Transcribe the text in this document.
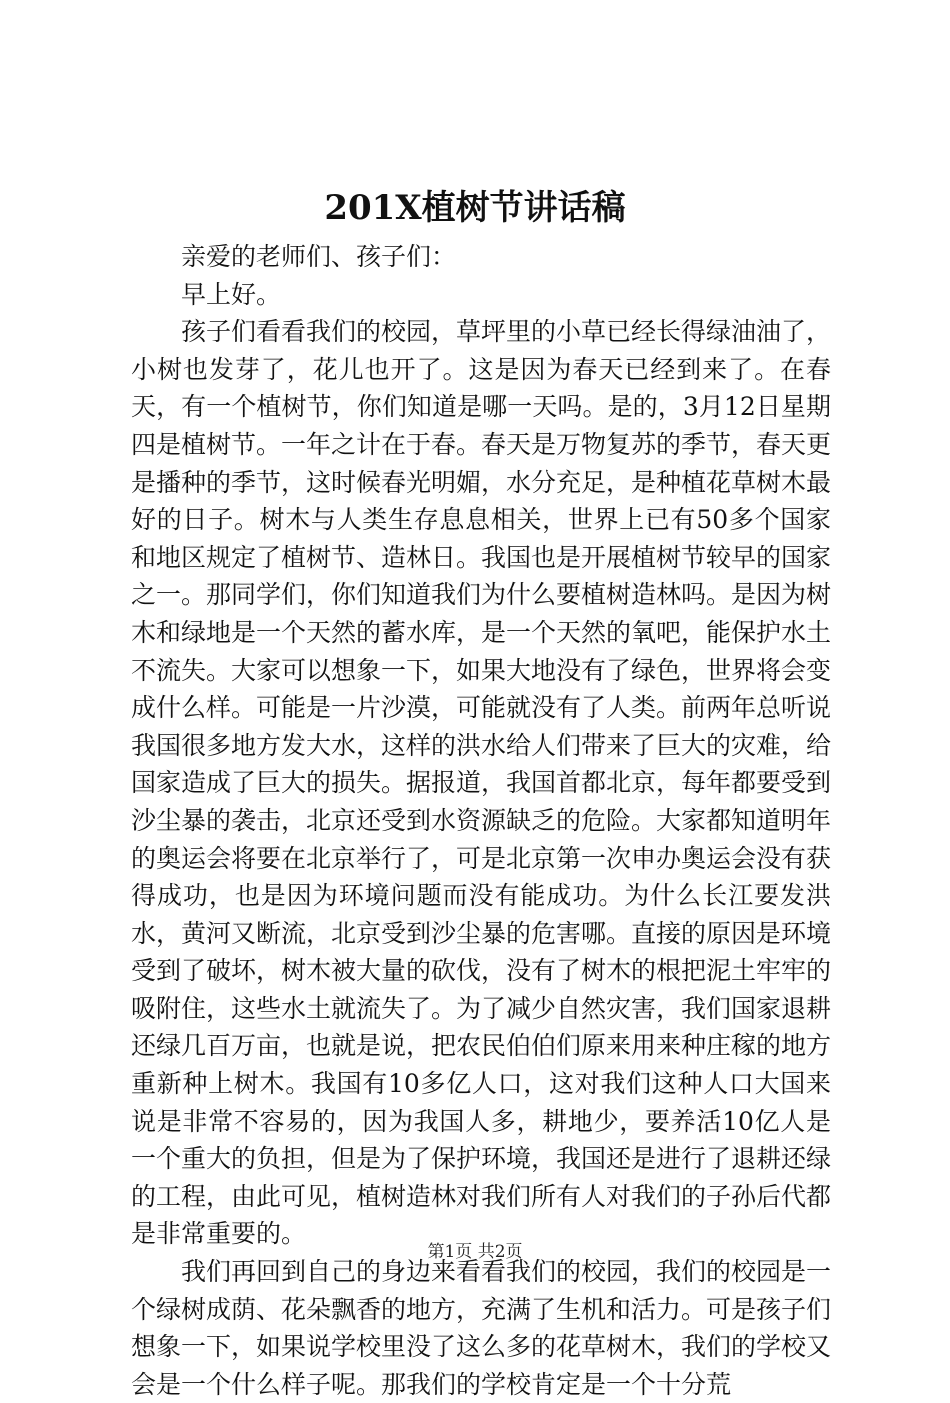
201X植树节讲话稿

亲爱的老师们、孩子们：

早上好。

孩子们看看我们的校园，草坪里的小草已经长得绿油油了，小树也发芽了，花儿也开了。这是因为春天已经到来了。在春天，有一个植树节，你们知道是哪一天吗。是的，3月12日星期四是植树节。一年之计在于春。春天是万物复苏的季节，春天更是播种的季节，这时候春光明媚，水分充足，是种植花草树木最好的日子。树木与人类生存息息相关，世界上已有50多个国家和地区规定了植树节、造林日。我国也是开展植树节较早的国家之一。那同学们，你们知道我们为什么要植树造林吗。是因为树木和绿地是一个天然的蓄水库，是一个天然的氧吧，能保护水土不流失。大家可以想象一下，如果大地没有了绿色，世界将会变成什么样。可能是一片沙漠，可能就没有了人类。前两年总听说我国很多地方发大水，这样的洪水给人们带来了巨大的灾难，给国家造成了巨大的损失。据报道，我国首都北京，每年都要受到沙尘暴的袭击，北京还受到水资源缺乏的危险。大家都知道明年的奥运会将要在北京举行了，可是北京第一次申办奥运会没有获得成功，也是因为环境问题而没有能成功。为什么长江要发洪水，黄河又断流，北京受到沙尘暴的危害哪。直接的原因是环境受到了破坏，树木被大量的砍伐，没有了树木的根把泥土牢牢的吸附住，这些水土就流失了。为了减少自然灾害，我们国家退耕还绿几百万亩，也就是说，把农民伯伯们原来用来种庄稼的地方重新种上树木。我国有10多亿人口，这对我们这种人口大国来说是非常不容易的，因为我国人多，耕地少，要养活10亿人是一个重大的负担，但是为了保护环境，我国还是进行了退耕还绿的工程，由此可见，植树造林对我们所有人对我们的子孙后代都是非常重要的。

我们再回到自己的身边来看看我们的校园，我们的校园是一个绿树成荫、花朵飘香的地方，充满了生机和活力。可是孩子们想象一下，如果说学校里没了这么多的花草树木，我们的学校又会是一个什么样子呢。那我们的学校肯定是一个十分荒

第1页 共2页
